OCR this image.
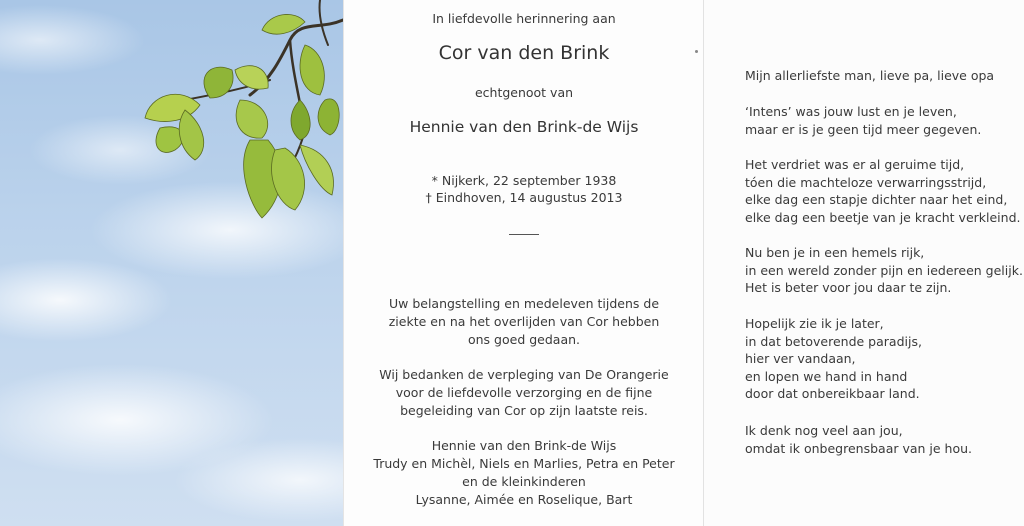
In liefdevolle herinnering aan
Cor van den Brink
echtgenoot van
Hennie van den Brink-de Wijs
* Nijkerk, 22 september 1938
† Eindhoven, 14 augustus 2013
Uw belangstelling en medeleven tijdens de
ziekte en na het overlijden van Cor hebben
ons goed gedaan.
Wij bedanken de verpleging van De Orangerie
voor de liefdevolle verzorging en de fijne
begeleiding van Cor op zijn laatste reis.
Hennie van den Brink-de Wijs
Trudy en Michèl, Niels en Marlies, Petra en Peter
en de kleinkinderen
Lysanne, Aimée en Roselique, Bart
Mijn allerliefste man, lieve pa, lieve opa
‘Intens’ was jouw lust en je leven,
maar er is je geen tijd meer gegeven.
Het verdriet was er al geruime tijd,
tóen die machteloze verwarringsstrijd,
elke dag een stapje dichter naar het eind,
elke dag een beetje van je kracht verkleind.
Nu ben je in een hemels rijk,
in een wereld zonder pijn en iedereen gelijk.
Het is beter voor jou daar te zijn.
Hopelijk zie ik je later,
in dat betoverende paradijs,
hier ver vandaan,
en lopen we hand in hand
door dat onbereikbaar land.
Ik denk nog veel aan jou,
omdat ik onbegrensbaar van je hou.
